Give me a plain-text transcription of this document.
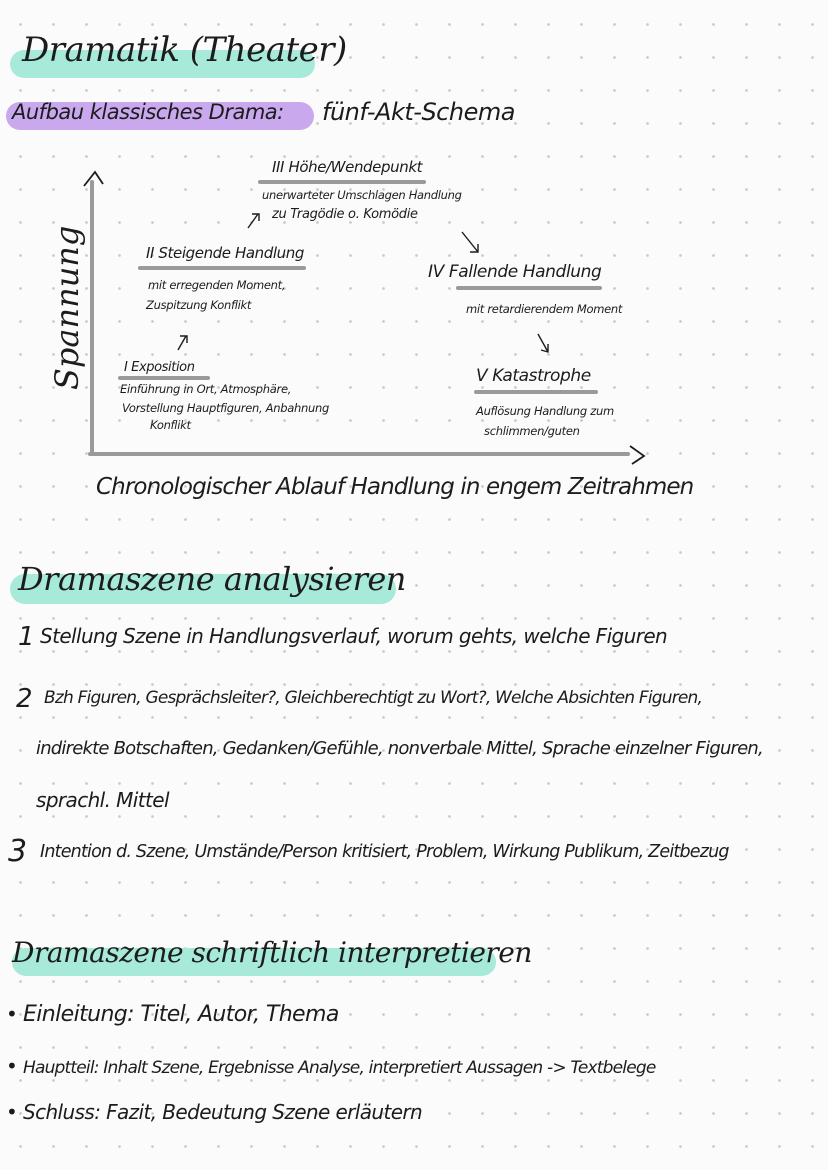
Dramatik (Theater)
Aufbau klassisches Drama: fünf-Akt-Schema
Spannung
III Höhe/Wendepunkt
unerwarteter Umschlagen Handlung
zu Tragödie o. Komödie
II Steigende Handlung
mit erregenden Moment,
Zuspitzung Konflikt
IV Fallende Handlung
mit retardierendem Moment
I Exposition
Einführung in Ort, Atmosphäre,
Vorstellung Hauptfiguren, Anbahnung
Konflikt
V Katastrophe
Auflösung Handlung zum
schlimmen/guten
Chronologischer Ablauf Handlung in engem Zeitrahmen
Dramaszene analysieren
1 Stellung Szene in Handlungsverlauf, worum gehts, welche Figuren
2 Bzh Figuren, Gesprächsleiter?, Gleichberechtigt zu Wort?, Welche Absichten Figuren,
indirekte Botschaften, Gedanken/Gefühle, nonverbale Mittel, Sprache einzelner Figuren,
sprachl. Mittel
3 Intention d. Szene, Umstände/Person kritisiert, Problem, Wirkung Publikum, Zeitbezug
Dramaszene schriftlich interpretieren
• Einleitung: Titel, Autor, Thema
• Hauptteil: Inhalt Szene, Ergebnisse Analyse, interpretiert Aussagen -> Textbelege
• Schluss: Fazit, Bedeutung Szene erläutern
